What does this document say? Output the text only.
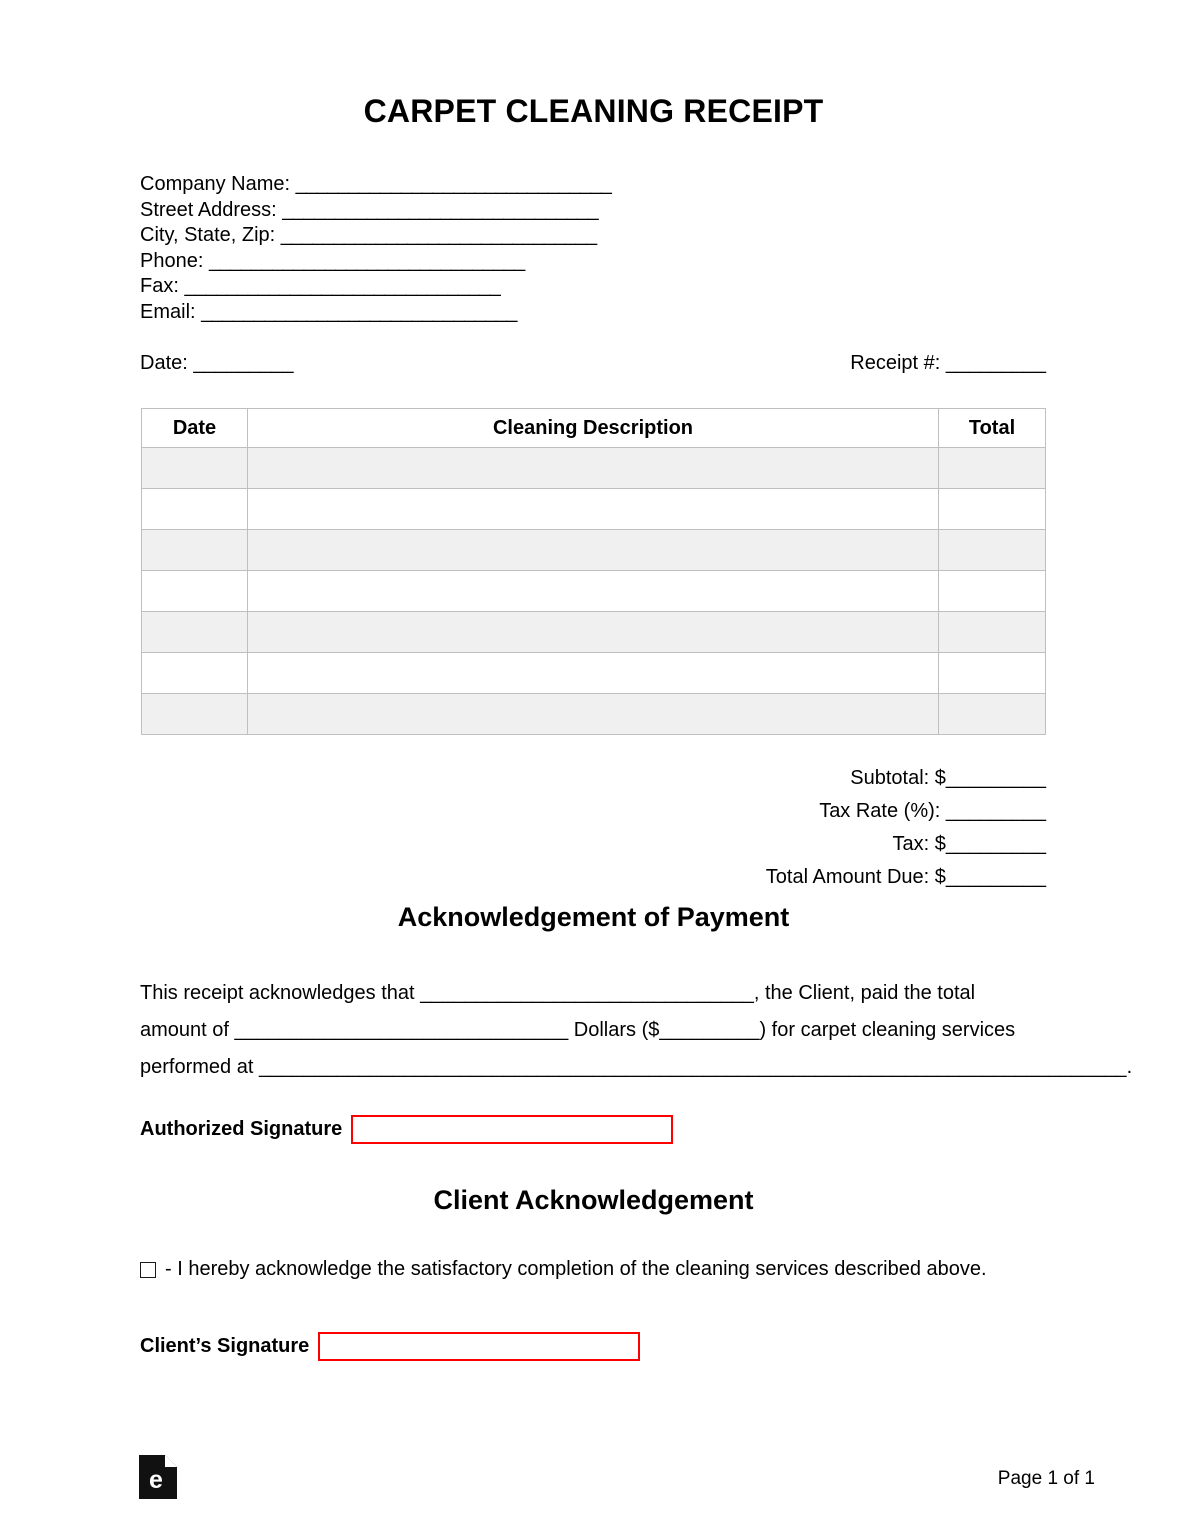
CARPET CLEANING RECEIPT
Company Name: ______________________________
Street Address: ______________________________
City, State, Zip: ______________________________
Phone: ______________________________
Fax: ______________________________
Email: ______________________________
Date: _________	Receipt #: _________
Date	Cleaning Description	Total

Subtotal: $_________
Tax Rate (%): _________
Tax: $_________
Total Amount Due: $_________
Acknowledgement of Payment
This receipt acknowledges that ______________________________, the Client, paid the total
amount of ______________________________ Dollars ($_________) for carpet cleaning services
performed at ______________________________________________________________________________.
Authorized Signature
Client Acknowledgement
- I hereby acknowledge the satisfactory completion of the cleaning services described above.
Client’s Signature
e	Page 1 of 1
